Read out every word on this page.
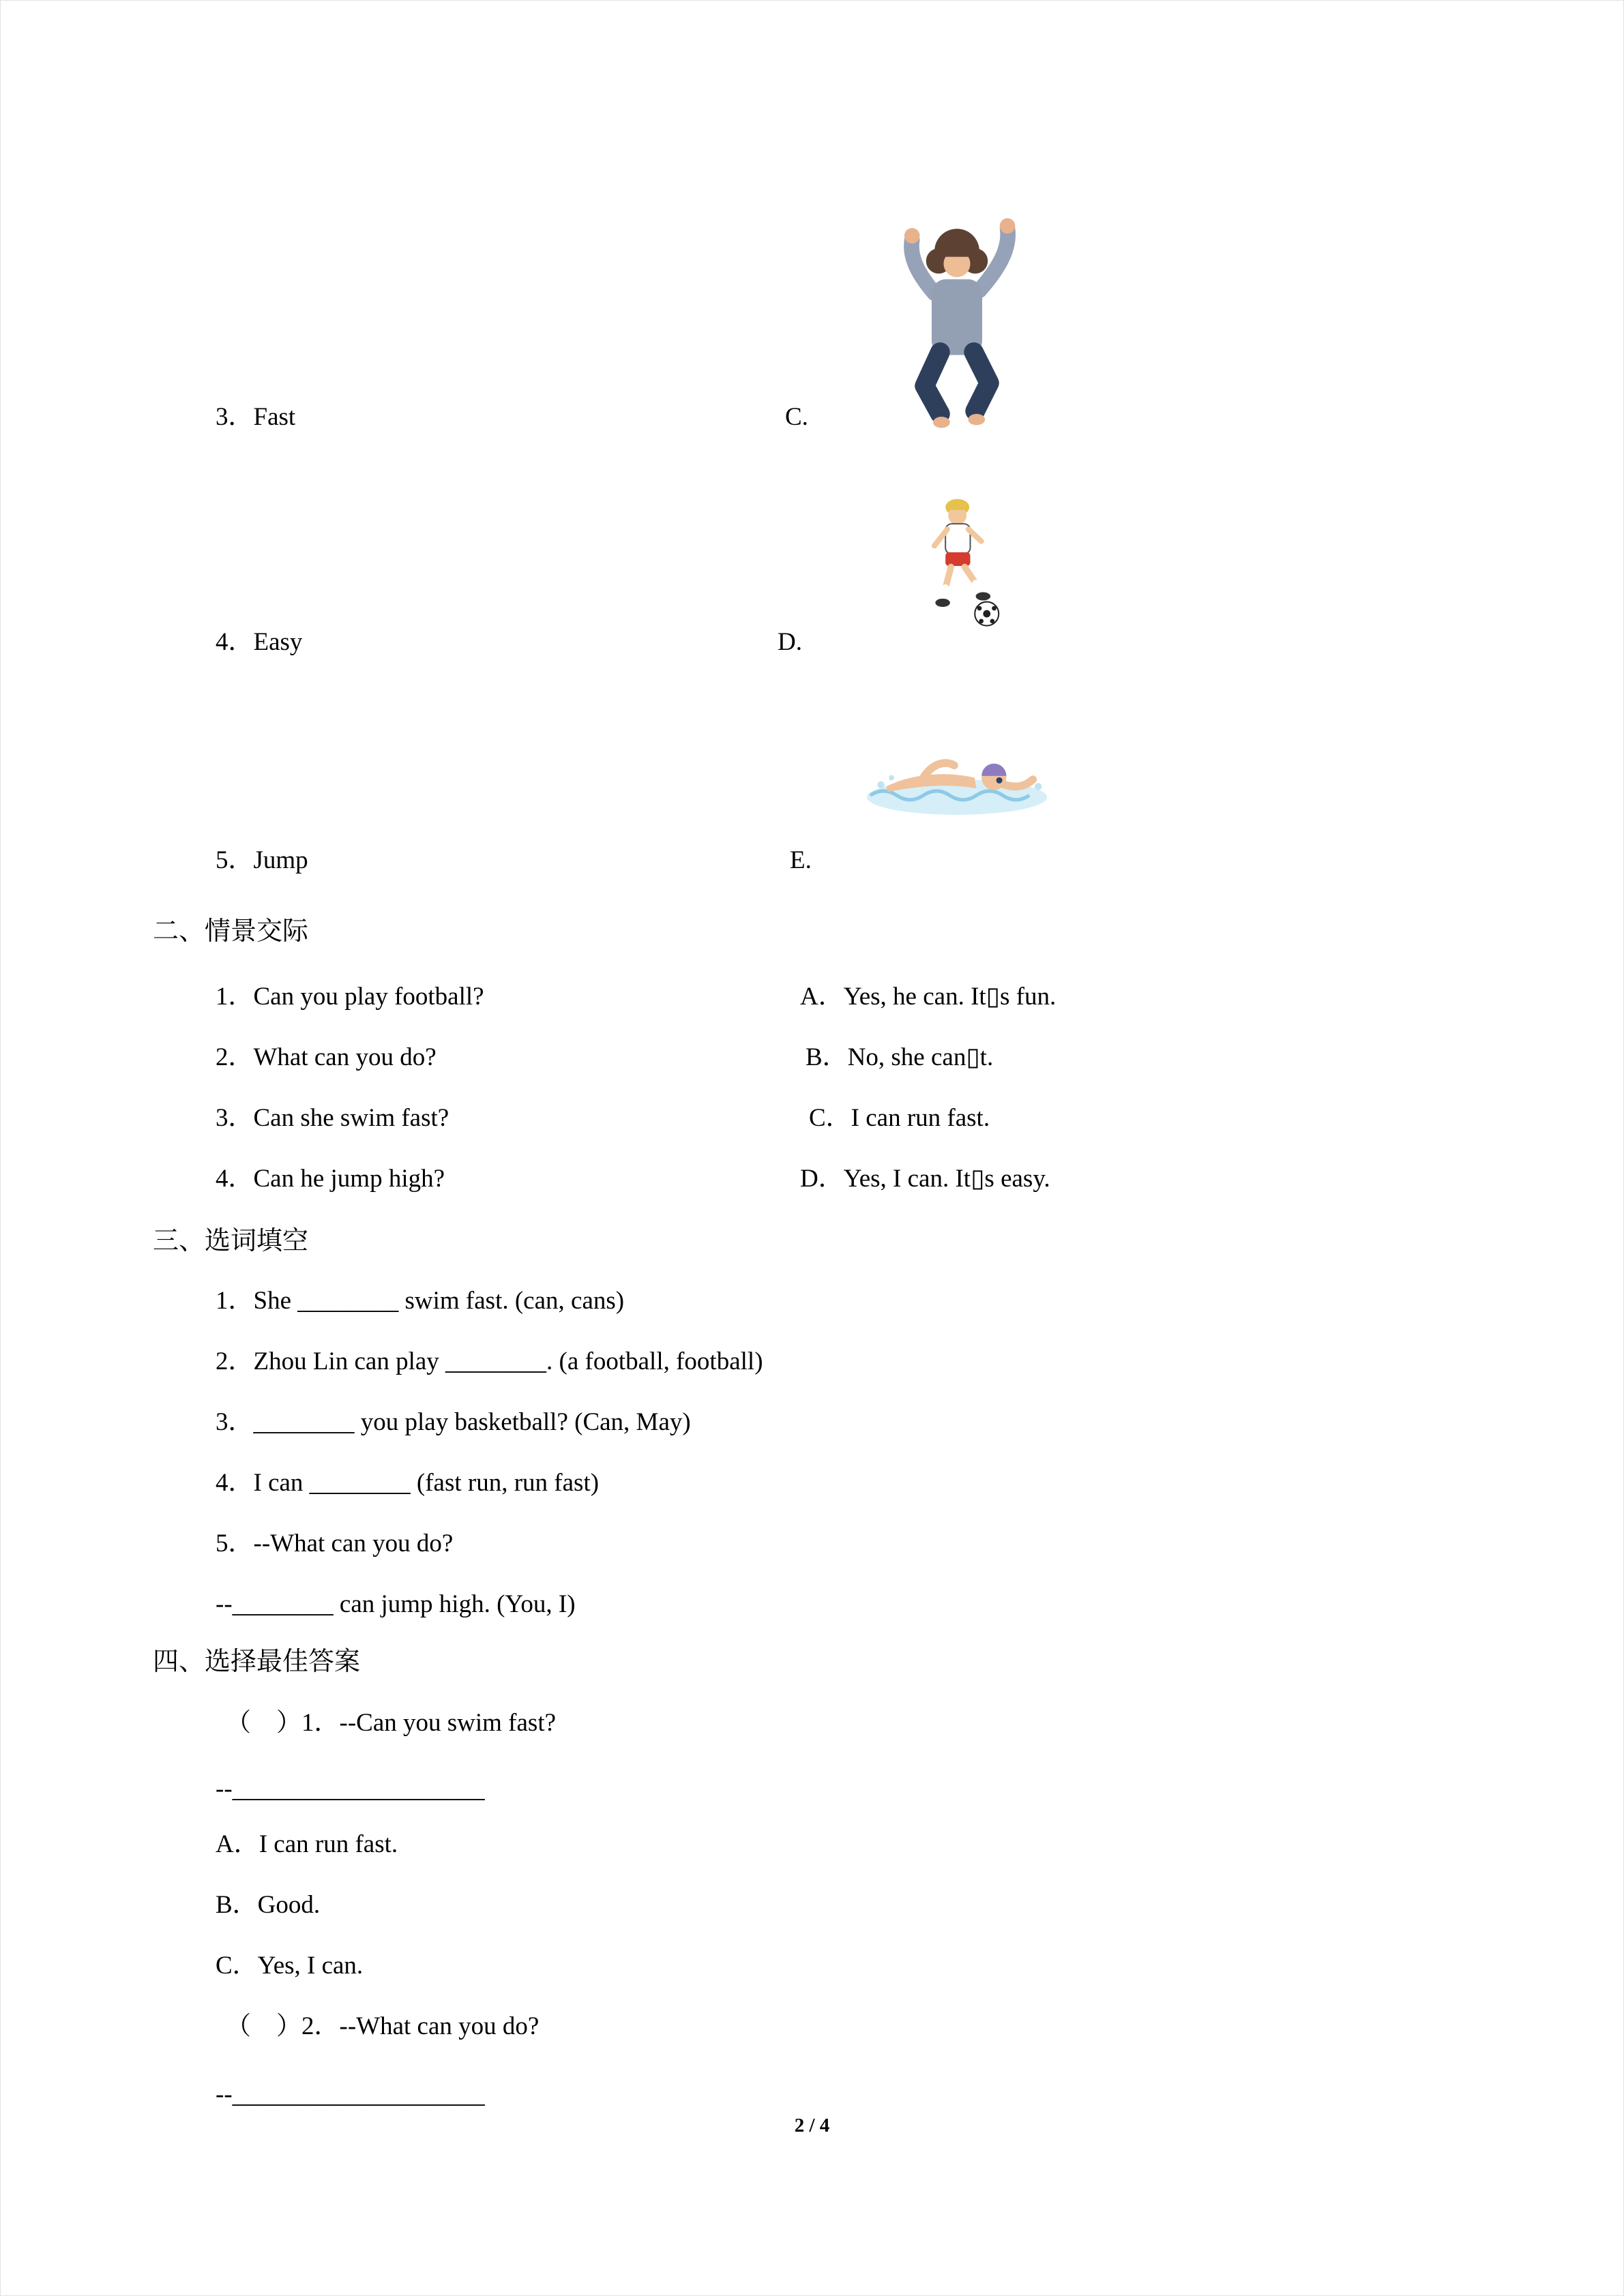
3．Fast	C.
4．Easy	D.
5．Jump	E.
二、情景交际
1．Can you play football?	A．Yes, he can. It▯s fun.
2．What can you do?	B．No, she can▯t.
3．Can she swim fast?	C．I can run fast.
4．Can he jump high?	D．Yes, I can. It▯s easy.
三、选词填空
1．She ________ swim fast. (can, cans)
2．Zhou Lin can play ________. (a football, football)
3．________ you play basketball? (Can, May)
4．I can ________ (fast run, run fast)
5．--What can you do?
--________ can jump high. (You, I)
四、选择最佳答案
（　）1．--Can you swim fast?
--____________________
A．I can run fast.
B．Good.
C．Yes, I can.
（　）2．--What can you do?
--____________________
2 / 4
